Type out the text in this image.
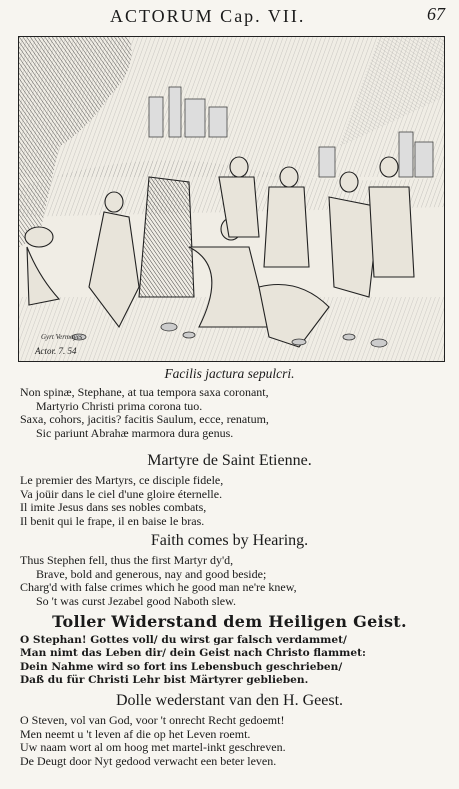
ACTORUM Cap. VII.	67
Gyrt Vermoyes
Actor. 7. 54
Facilis jactura sepulcri.
Non spinæ, Stephane, at tua tempora saxa coronant,
Martyrio Christi prima corona tuo.
Saxa, cohors, jacitis? facitis Saulum, ecce, renatum,
Sic pariunt Abrahæ marmora dura genus.
Martyre de Saint Etienne.
Le premier des Martyrs, ce disciple fidele,
Va joüir dans le ciel d'une gloire éternelle.
Il imite Jesus dans ses nobles combats,
Il benit qui le frape, il en baise le bras.
Faith comes by Hearing.
Thus Stephen fell, thus the first Martyr dy'd,
Brave, bold and generous, nay and good beside;
Charg'd with false crimes which he good man ne're knew,
So 't was curst Jezabel good Naboth slew.
Toller Widerstand dem Heiligen Geist.
O Stephan! Gottes voll/ du wirst gar falsch verdammet/
Man nimt das Leben dir/ dein Geist nach Christo flammet:
Dein Nahme wird so fort ins Lebensbuch geschrieben/
Daß du für Christi Lehr bist Märtyrer geblieben.
Dolle wederstant van den H. Geest.
O Steven, vol van God, voor 't onrecht Recht gedoemt!
Men neemt u 't leven af die op het Leven roemt.
Uw naam wort al om hoog met martel-inkt geschreven.
De Deugt door Nyt gedood verwacht een beter leven.
